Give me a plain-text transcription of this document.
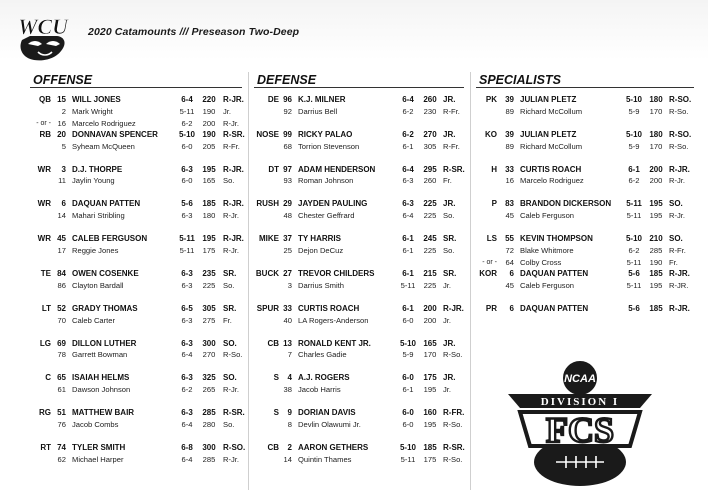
WCU 2020 Catamounts /// Preseason Two-Deep
OFFENSE
QB 15 WILL JONES	6-4	220 R-JR.
2 Mark Wright	5-11	190	Jr.
- or - 16 Marcelo Rodriguez	6-2	200	R-Jr.
RB 20 DONNAVAN SPENCER	5-10 190 R-SR.
5 Syheam McQueen	6-0	205	R-Fr.
WR	3 D.J. THORPE	6-3	195 R-JR.
11 Jaylin Young	6-0	165	So.
WR	6 DAQUAN PATTEN	5-6	185 R-JR.
14 Mahari Stribling	6-3	180	R-Jr.
WR 45 CALEB FERGUSON	5-11 195 R-JR.
17 Reggie Jones	5-11	175	R-Jr.
TE 84 OWEN COSENKE	6-3	235 SR.
86 Clayton Bardall	6-3	225	So.
LT 52 GRADY THOMAS	6-5	305 SR.
70 Caleb Carter	6-3	275	Fr.
LG 69 DILLON LUTHER	6-3	300 SO.
78 Garrett Bowman	6-4	270	R-So.
C 65 ISAIAH HELMS	6-3	325 SO.
61 Dawson Johnson	6-2	265	R-Jr.
RG 51 MATTHEW BAIR	6-3	285 R-SR.
76 Jacob Combs	6-4	280	So.
RT 74 TYLER SMITH	6-8	300 R-SO.
62 Michael Harper	6-4	285	R-Jr.
DEFENSE
DE 96 K.J. MILNER	6-4	260 JR.
92 Darrius Bell	6-2	230 R-Fr.
NOSE 99 RICKY PALAO	6-2	270 JR.
68 Torrion Stevenson	6-1	305 R-Fr.
DT 97 ADAM HENDERSON	6-4	295 R-SR.
93 Roman Johnson	6-3	260 Fr.
RUSH 29 JAYDEN PAULING	6-3	225 JR.
48 Chester Geffrard	6-4	225 So.
MIKE 37 TY HARRIS	6-1	245 SR.
25 Dejon DeCuz	6-1	225 So.
BUCK 27 TREVOR CHILDERS	6-1	215 SR.
3 Darrius Smith	5-11	225 Jr.
SPUR 33 CURTIS ROACH	6-1	200 R-JR.
40 LA Rogers-Anderson	6-0	200 Jr.
CB 13 RONALD KENT JR.	5-10 165 JR.
7 Charles Gadie	5-9	170 R-So.
S	4 A.J. ROGERS	6-0	175 JR.
38 Jacob Harris	6-1	195 Jr.
S	9 DORIAN DAVIS	6-0	160 R-FR.
8 Devlin Olawumi Jr.	6-0	195 R-So.
CB	2 AARON GETHERS	5-10 185 R-SR.
14 Quintin Thames	5-11	175 R-So.
SPECIALISTS
PK	39 JULIAN PLETZ	5-10 180 R-SO.
89 Richard McCollum	5-9	170 R-So.
KO	39 JULIAN PLETZ	5-10 180 R-SO.
89 Richard McCollum	5-9	170 R-So.
H	33 CURTIS ROACH	6-1	200 R-JR.
16 Marcelo Rodriguez	6-2	200 R-Jr.
P	83 BRANDON DICKERSON	5-11 195 SO.
45 Caleb Ferguson	5-11	195 R-Jr.
LS	55 KEVIN THOMPSON	5-10 210 SO.
72 Blake Whitmore	6-2	285 R-Fr.
- or -	64 Colby Cross	5-11	190 Fr.
KOR	6 DAQUAN PATTEN	5-6	185 R-JR.
45 Caleb Ferguson	5-11	195 R-JR.
PR	6 DAQUAN PATTEN	5-6	185 R-JR.
NCAA
DIVISION I
FCS
